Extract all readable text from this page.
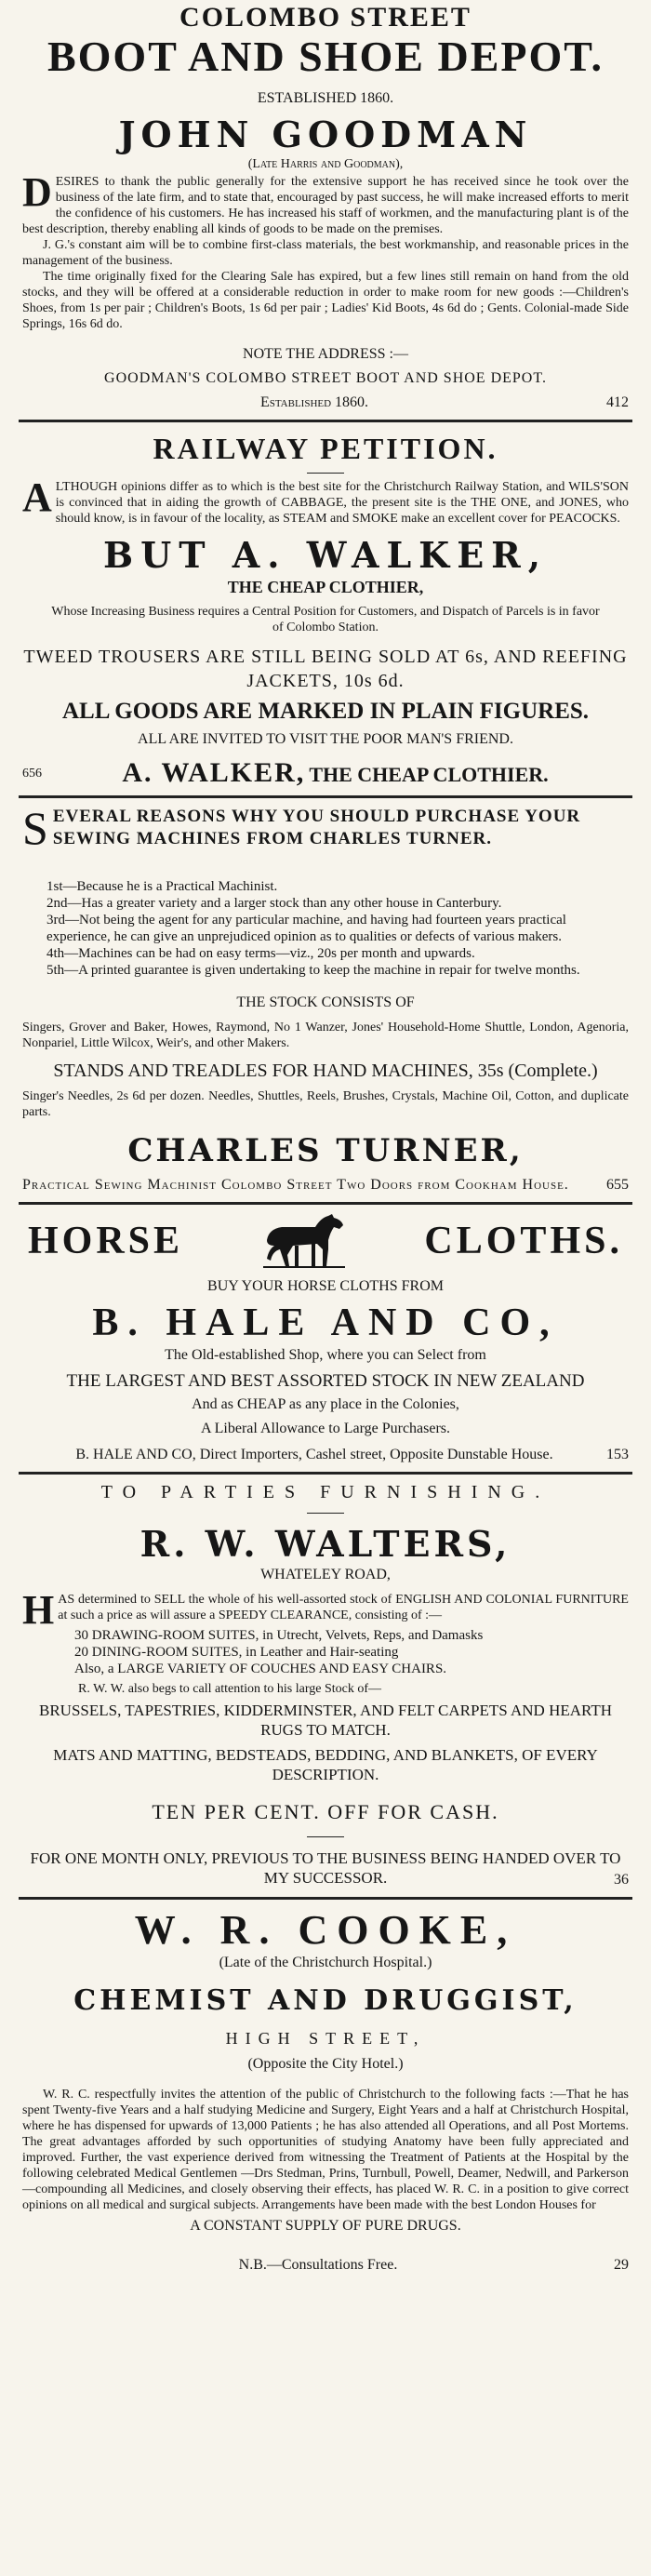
COLOMBO STREET
BOOT AND SHOE DEPOT.
ESTABLISHED 1860.
JOHN GOODMAN
(Late Harris and Goodman),
DESIRES to thank the public generally for the extensive support he has received since he took over the business of the late firm, and to state that, encouraged by past success, he will make increased efforts to merit the confidence of his customers. He has increased his staff of workmen, and the manufacturing plant is of the best description, thereby enabling all kinds of goods to be made on the premises.
J. G.'s constant aim will be to combine first-class materials, the best workmanship, and reasonable prices in the management of the business.
The time originally fixed for the Clearing Sale has expired, but a few lines still remain on hand from the old stocks, and they will be offered at a considerable reduction in order to make room for new goods :—Children's Shoes, from 1s per pair ; Children's Boots, 1s 6d per pair ; Ladies' Kid Boots, 4s 6d do ; Gents. Colonial-made Side Springs, 16s 6d do.
NOTE THE ADDRESS :—
GOODMAN'S COLOMBO STREET BOOT AND SHOE DEPOT.
Established 1860.	412
RAILWAY PETITION.
ALTHOUGH opinions differ as to which is the best site for the Christchurch Railway Station, and WILS'SON is convinced that in aiding the growth of CABBAGE, the present site is the THE ONE, and JONES, who should know, is in favour of the locality, as STEAM and SMOKE make an excellent cover for PEACOCKS.
BUT A. WALKER,
THE CHEAP CLOTHIER,
Whose Increasing Business requires a Central Position for Customers, and Dispatch of Parcels is in favor of Colombo Station.
TWEED TROUSERS ARE STILL BEING SOLD AT 6s, AND REEFING JACKETS, 10s 6d.
ALL GOODS ARE MARKED IN PLAIN FIGURES.
ALL ARE INVITED TO VISIT THE POOR MAN'S FRIEND.
656	A. WALKER, THE CHEAP CLOTHIER.
SEVERAL REASONS WHY YOU SHOULD PURCHASE YOUR SEWING MACHINES FROM CHARLES TURNER.
1st—Because he is a Practical Machinist.
2nd—Has a greater variety and a larger stock than any other house in Canterbury.
3rd—Not being the agent for any particular machine, and having had fourteen years practical experience, he can give an unprejudiced opinion as to qualities or defects of various makers.
4th—Machines can be had on easy terms—viz., 20s per month and upwards.
5th—A printed guarantee is given undertaking to keep the machine in repair for twelve months.
THE STOCK CONSISTS OF
Singers, Grover and Baker, Howes, Raymond, No 1 Wanzer, Jones' Household-Home Shuttle, London, Agenoria, Nonpariel, Little Wilcox, Weir's, and other Makers.
STANDS AND TREADLES FOR HAND MACHINES, 35s (Complete.)
Singer's Needles, 2s 6d per dozen. Needles, Shuttles, Reels, Brushes, Crystals, Machine Oil, Cotton, and duplicate parts.
CHARLES TURNER,
Practical Sewing Machinist Colombo Street Two Doors from Cookham House.	655
HORSE	CLOTHS.
BUY YOUR HORSE CLOTHS FROM
B. HALE AND CO,
The Old-established Shop, where you can Select from
THE LARGEST AND BEST ASSORTED STOCK IN NEW ZEALAND
And as CHEAP as any place in the Colonies,
A Liberal Allowance to Large Purchasers.
B. HALE AND CO, Direct Importers, Cashel street, Opposite Dunstable House.	153
TO PARTIES FURNISHING.
R. W. WALTERS,
WHATELEY ROAD,
HAS determined to SELL the whole of his well-assorted stock of ENGLISH AND COLONIAL FURNITURE at such a price as will assure a SPEEDY CLEARANCE, consisting of :—
30 DRAWING-ROOM SUITES, in Utrecht, Velvets, Reps, and Damasks
20 DINING-ROOM SUITES, in Leather and Hair-seating
Also, a LARGE VARIETY OF COUCHES AND EASY CHAIRS.
R. W. W. also begs to call attention to his large Stock of—
BRUSSELS, TAPESTRIES, KIDDERMINSTER, AND FELT CARPETS AND HEARTH RUGS TO MATCH.
MATS AND MATTING, BEDSTEADS, BEDDING, AND BLANKETS, OF EVERY DESCRIPTION.
TEN PER CENT. OFF FOR CASH.
FOR ONE MONTH ONLY, PREVIOUS TO THE BUSINESS BEING HANDED OVER TO MY SUCCESSOR.	36
W. R. COOKE,
(Late of the Christchurch Hospital.)
CHEMIST AND DRUGGIST,
HIGH STREET,
(Opposite the City Hotel.)
W. R. C. respectfully invites the attention of the public of Christchurch to the following facts :—That he has spent Twenty-five Years and a half studying Medicine and Surgery, Eight Years and a half at Christchurch Hospital, where he has dispensed for upwards of 13,000 Patients ; he has also attended all Operations, and all Post Mortems. The great advantages afforded by such opportunities of studying Anatomy have been fully appreciated and improved. Further, the vast experience derived from witnessing the Treatment of Patients at the Hospital by the following celebrated Medical Gentlemen —Drs Stedman, Prins, Turnbull, Powell, Deamer, Nedwill, and Parkerson—compounding all Medicines, and closely observing their effects, has placed W. R. C. in a position to give correct opinions on all medical and surgical subjects. Arrangements have been made with the best London Houses for
A CONSTANT SUPPLY OF PURE DRUGS.
N.B.—Consultations Free.	29
